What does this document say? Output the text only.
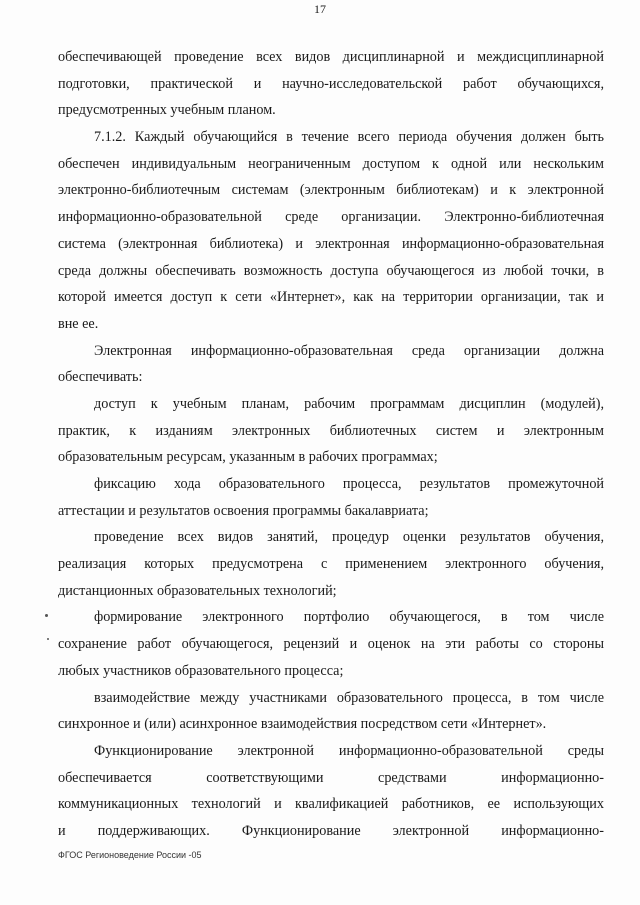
17
обеспечивающей проведение всех видов дисциплинарной и междисциплинарной
подготовки, практической и научно-исследовательской работ обучающихся,
предусмотренных учебным планом.
7.1.2. Каждый обучающийся в течение всего периода обучения должен быть
обеспечен индивидуальным неограниченным доступом к одной или нескольким
электронно-библиотечным системам (электронным библиотекам) и к электронной
информационно-образовательной среде организации. Электронно-библиотечная
система (электронная библиотека) и электронная информационно-образовательная
среда должны обеспечивать возможность доступа обучающегося из любой точки, в
которой имеется доступ к сети «Интернет», как на территории организации, так и
вне ее.
Электронная информационно-образовательная среда организации должна
обеспечивать:
доступ к учебным планам, рабочим программам дисциплин (модулей),
практик, к изданиям электронных библиотечных систем и электронным
образовательным ресурсам, указанным в рабочих программах;
фиксацию хода образовательного процесса, результатов промежуточной
аттестации и результатов освоения программы бакалавриата;
проведение всех видов занятий, процедур оценки результатов обучения,
реализация которых предусмотрена с применением электронного обучения,
дистанционных образовательных технологий;
формирование электронного портфолио обучающегося, в том числе
сохранение работ обучающегося, рецензий и оценок на эти работы со стороны
любых участников образовательного процесса;
взаимодействие между участниками образовательного процесса, в том числе
синхронное и (или) асинхронное взаимодействия посредством сети «Интернет».
Функционирование электронной информационно-образовательной среды
обеспечивается соответствующими средствами информационно-
коммуникационных технологий и квалификацией работников, ее использующих
и поддерживающих. Функционирование электронной информационно-
ФГОС Регионоведение России -05
